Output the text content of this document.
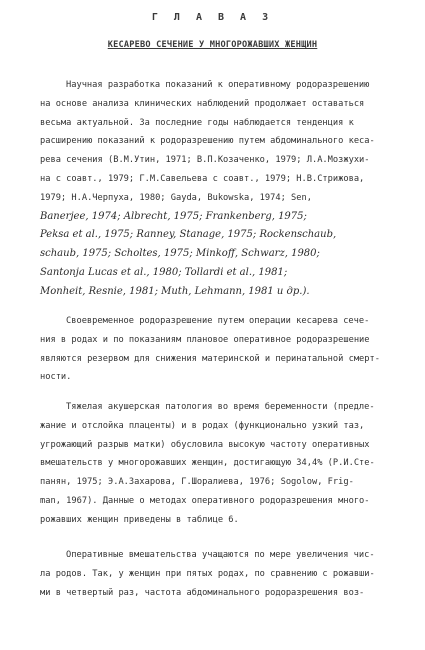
Г Л А В А 3
КЕСАРЕВО СЕЧЕНИЕ У МНОГОРОЖАВШИХ ЖЕНЩИН
Научная разработка показаний к оперативному родоразрешению
на основе анализа клинических наблюдений продолжает оставаться
весьма актуальной. За последние годы наблюдается тенденция к
расширению показаний к родоразрешению путем абдоминального кеса-
рева сечения (В.М.Утин, 1971; В.П.Козаченко, 1979; Л.А.Мозжухи-
на с соавт., 1979; Г.М.Савельева с соавт., 1979; Н.В.Стрижова,
1979; Н.А.Черпуха, 1980; Gayda, Bukowska, 1974; Sen,
Banerjee, 1974; Albrecht, 1975; Frankenberg, 1975;
Peksa et al., 1975; Ranney, Stanage, 1975; Rockenschaub,
schaub, 1975; Scholtes, 1975; Minkoff, Schwarz, 1980;
Santonja Lucas et al., 1980; Tollardi et al., 1981;
Monheit, Resnie, 1981; Muth, Lehmann, 1981 и др.).
Своевременное родоразрешение путем операции кесарева сече-
ния в родах и по показаниям плановое оперативное родоразрешение
являются резервом для снижения материнской и перинатальной смерт-
ности.
Тяжелая акушерская патология во время беременности (предле-
жание и отслойка плаценты) и в родах (функционально узкий таз,
угрожающий разрыв матки) обусловила высокую частоту оперативных
вмешательств у многорожавших женщин, достигающую 34,4% (Р.И.Сте-
панян, 1975; Э.А.Захарова, Г.Шоралиева, 1976; Sogolow, Frig-
man, 1967). Данные о методах оперативного родоразрешения много-
рожавших женщин приведены в таблице 6.
Оперативные вмешательства учащаются по мере увеличения чис-
ла родов. Так, у женщин при пятых родах, по сравнению с рожавши-
ми в четвертый раз, частота абдоминального родоразрешения воз-
